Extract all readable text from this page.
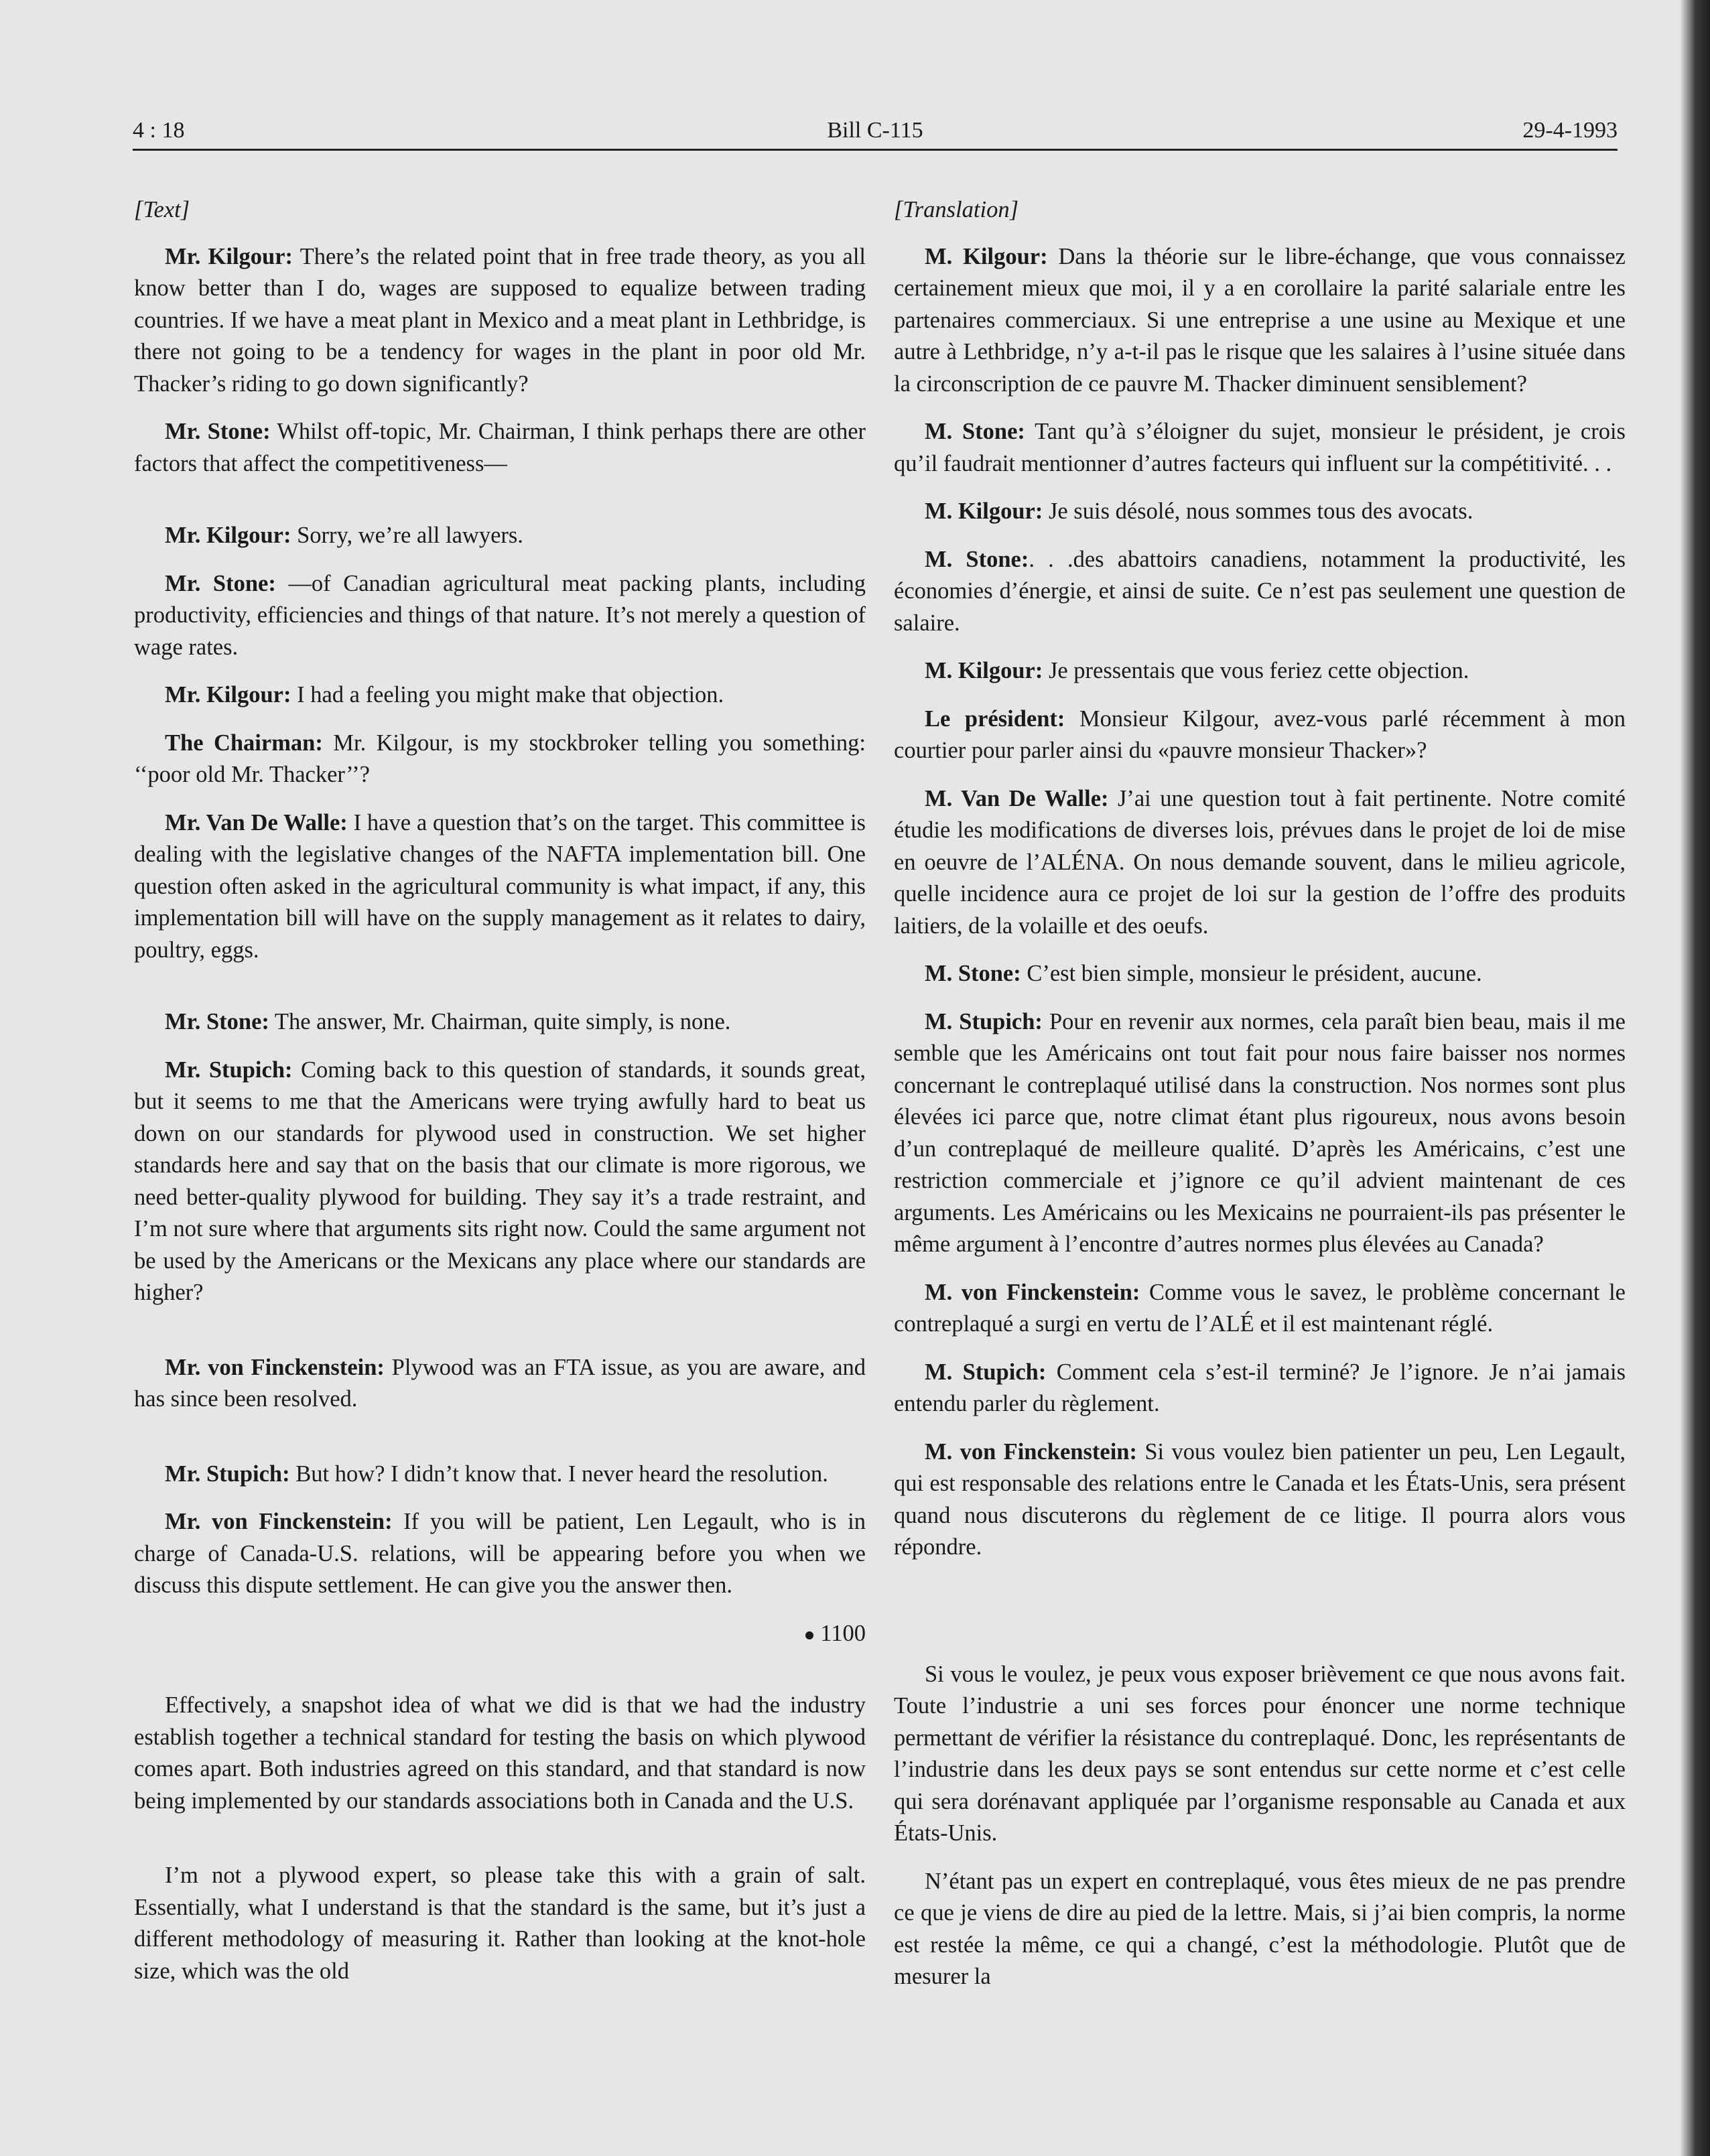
4 : 18	Bill C-115	29-4-1993

[Text]

Mr. Kilgour: There’s the related point that in free trade theory, as you all know better than I do, wages are supposed to equalize between trading countries. If we have a meat plant in Mexico and a meat plant in Lethbridge, is there not going to be a tendency for wages in the plant in poor old Mr. Thacker’s riding to go down significantly?

Mr. Stone: Whilst off-topic, Mr. Chairman, I think perhaps there are other factors that affect the competitiveness—

Mr. Kilgour: Sorry, we’re all lawyers.

Mr. Stone: —of Canadian agricultural meat packing plants, including productivity, efficiencies and things of that nature. It’s not merely a question of wage rates.

Mr. Kilgour: I had a feeling you might make that objection.

The Chairman: Mr. Kilgour, is my stockbroker telling you something: ‘‘poor old Mr. Thacker’’?

Mr. Van De Walle: I have a question that’s on the target. This committee is dealing with the legislative changes of the NAFTA implementation bill. One question often asked in the agricultural community is what impact, if any, this implementation bill will have on the supply management as it relates to dairy, poultry, eggs.

Mr. Stone: The answer, Mr. Chairman, quite simply, is none.

Mr. Stupich: Coming back to this question of standards, it sounds great, but it seems to me that the Americans were trying awfully hard to beat us down on our standards for plywood used in construction. We set higher standards here and say that on the basis that our climate is more rigorous, we need better-quality plywood for building. They say it’s a trade restraint, and I’m not sure where that arguments sits right now. Could the same argument not be used by the Americans or the Mexicans any place where our standards are higher?

Mr. von Finckenstein: Plywood was an FTA issue, as you are aware, and has since been resolved.

Mr. Stupich: But how? I didn’t know that. I never heard the resolution.

Mr. von Finckenstein: If you will be patient, Len Legault, who is in charge of Canada-U.S. relations, will be appearing before you when we discuss this dispute settlement. He can give you the answer then.

1100

Effectively, a snapshot idea of what we did is that we had the industry establish together a technical standard for testing the basis on which plywood comes apart. Both industries agreed on this standard, and that standard is now being implemented by our standards associations both in Canada and the U.S.

I’m not a plywood expert, so please take this with a grain of salt. Essentially, what I understand is that the standard is the same, but it’s just a different methodology of measuring it. Rather than looking at the knot-hole size, which was the old

[Translation]

M. Kilgour: Dans la théorie sur le libre-échange, que vous connaissez certainement mieux que moi, il y a en corollaire la parité salariale entre les partenaires commerciaux. Si une entreprise a une usine au Mexique et une autre à Lethbridge, n’y a-t-il pas le risque que les salaires à l’usine située dans la circonscription de ce pauvre M. Thacker diminuent sensiblement?

M. Stone: Tant qu’à s’éloigner du sujet, monsieur le président, je crois qu’il faudrait mentionner d’autres facteurs qui influent sur la compétitivité. . .

M. Kilgour: Je suis désolé, nous sommes tous des avocats.

M. Stone:. . .des abattoirs canadiens, notamment la productivité, les économies d’énergie, et ainsi de suite. Ce n’est pas seulement une question de salaire.

M. Kilgour: Je pressentais que vous feriez cette objection.

Le président: Monsieur Kilgour, avez-vous parlé récemment à mon courtier pour parler ainsi du «pauvre monsieur Thacker»?

M. Van De Walle: J’ai une question tout à fait pertinente. Notre comité étudie les modifications de diverses lois, prévues dans le projet de loi de mise en oeuvre de l’ALÉNA. On nous demande souvent, dans le milieu agricole, quelle incidence aura ce projet de loi sur la gestion de l’offre des produits laitiers, de la volaille et des oeufs.

M. Stone: C’est bien simple, monsieur le président, aucune.

M. Stupich: Pour en revenir aux normes, cela paraît bien beau, mais il me semble que les Américains ont tout fait pour nous faire baisser nos normes concernant le contreplaqué utilisé dans la construction. Nos normes sont plus élevées ici parce que, notre climat étant plus rigoureux, nous avons besoin d’un contreplaqué de meilleure qualité. D’après les Américains, c’est une restriction commerciale et j’ignore ce qu’il advient maintenant de ces arguments. Les Américains ou les Mexicains ne pourraient-ils pas présenter le même argument à l’encontre d’autres normes plus élevées au Canada?

M. von Finckenstein: Comme vous le savez, le problème concernant le contreplaqué a surgi en vertu de l’ALÉ et il est maintenant réglé.

M. Stupich: Comment cela s’est-il terminé? Je l’ignore. Je n’ai jamais entendu parler du règlement.

M. von Finckenstein: Si vous voulez bien patienter un peu, Len Legault, qui est responsable des relations entre le Canada et les États-Unis, sera présent quand nous discuterons du règlement de ce litige. Il pourra alors vous répondre.

Si vous le voulez, je peux vous exposer brièvement ce que nous avons fait. Toute l’industrie a uni ses forces pour énoncer une norme technique permettant de vérifier la résistance du contreplaqué. Donc, les représentants de l’industrie dans les deux pays se sont entendus sur cette norme et c’est celle qui sera dorénavant appliquée par l’organisme responsable au Canada et aux États-Unis.

N’étant pas un expert en contreplaqué, vous êtes mieux de ne pas prendre ce que je viens de dire au pied de la lettre. Mais, si j’ai bien compris, la norme est restée la même, ce qui a changé, c’est la méthodologie. Plutôt que de mesurer la
